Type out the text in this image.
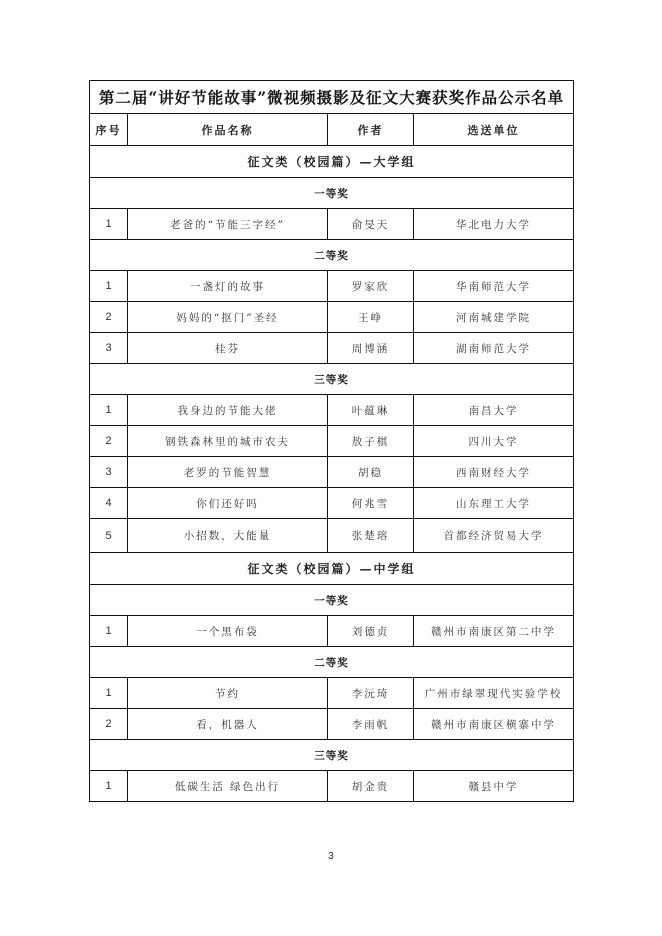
第二届“讲好节能故事”微视频摄影及征文大赛获奖作品公示名单			
序号	作品名称	作者	选送单位
征文类（校园篇）—大学组			
一等奖			
1	老爸的“节能三字经”	俞旻天	华北电力大学
二等奖			
1	一盏灯的故事	罗家欣	华南师范大学
2	妈妈的“抠门”圣经	王峥	河南城建学院
3	桂芬	周博涵	湖南师范大学
三等奖			
1	我身边的节能大佬	叶蕴琳	南昌大学
2	钢铁森林里的城市农夫	敖子棋	四川大学
3	老罗的节能智慧	胡稳	西南财经大学
4	你们还好吗	何兆雪	山东理工大学
5	小招数，大能量	张楚瑢	首都经济贸易大学
征文类（校园篇）—中学组			
一等奖			
1	一个黑布袋	刘德贞	赣州市南康区第二中学
二等奖			
1	节约	李沅琦	广州市绿翠现代实验学校
2	看，机器人	李雨帆	赣州市南康区横寨中学
三等奖			
1	低碳生活 绿色出行	胡金贵	赣县中学
3
